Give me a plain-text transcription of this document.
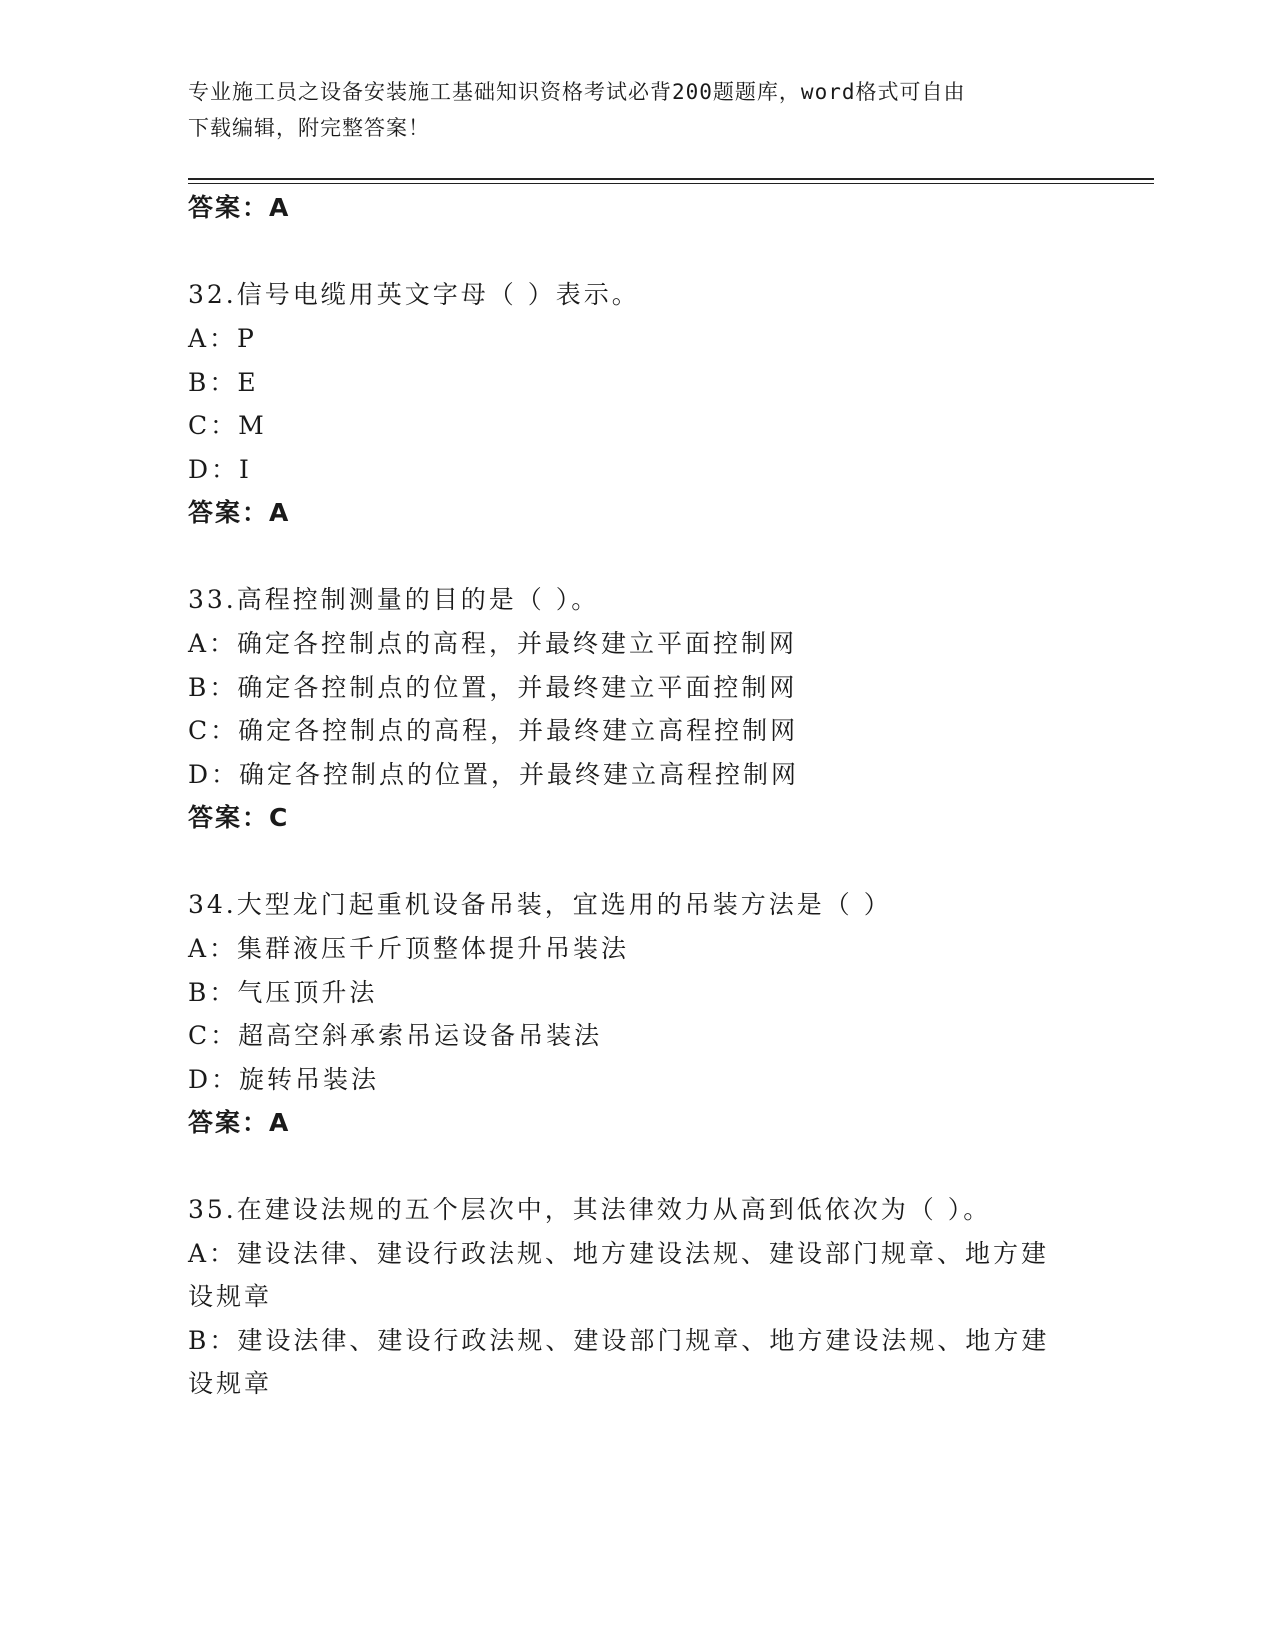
专业施工员之设备安装施工基础知识资格考试必背200题题库，word格式可自由
下载编辑，附完整答案！
答案：A
32.信号电缆用英文字母（ ）表示。
A：P
B：E
C：M
D：I
答案：A
33.高程控制测量的目的是（ ）。
A：确定各控制点的高程，并最终建立平面控制网
B：确定各控制点的位置，并最终建立平面控制网
C：确定各控制点的高程，并最终建立高程控制网
D：确定各控制点的位置，并最终建立高程控制网
答案：C
34.大型龙门起重机设备吊装，宜选用的吊装方法是（ ）
A：集群液压千斤顶整体提升吊装法
B：气压顶升法
C：超高空斜承索吊运设备吊装法
D：旋转吊装法
答案：A
35.在建设法规的五个层次中，其法律效力从高到低依次为（ ）。
A：建设法律、建设行政法规、地方建设法规、建设部门规章、地方建
设规章
B：建设法律、建设行政法规、建设部门规章、地方建设法规、地方建
设规章
